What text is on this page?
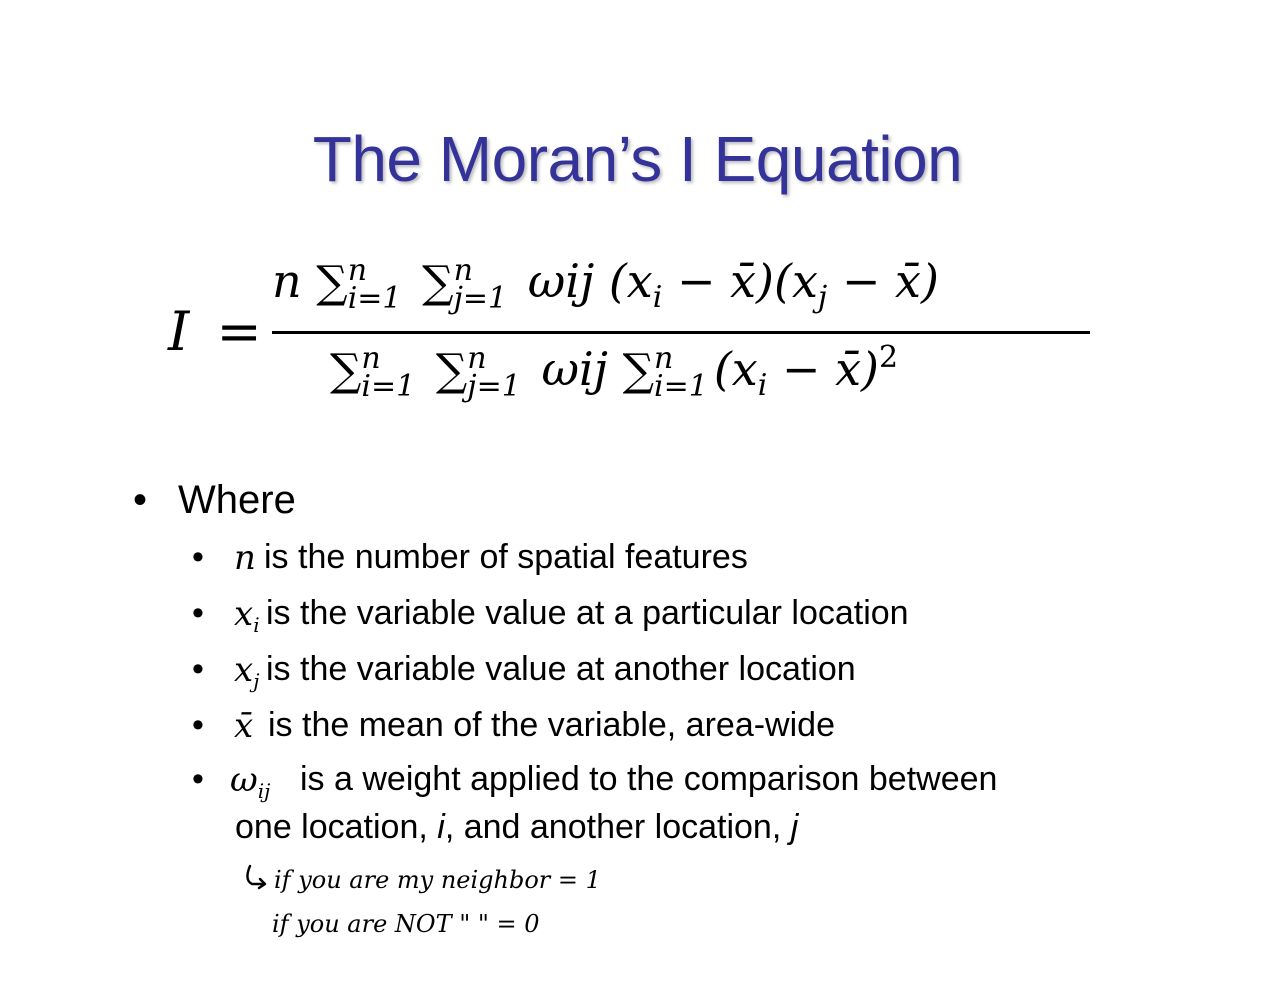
The Moran’s I Equation
I =
n ∑ n
i=1 ∑ n
j=1 ωij ($x_i$ − $x̄)(x_j$ − x̄)
∑ n
i=1 ∑ n
j=1 ωij ∑ n
i=1 ($x_i$ − x̄)$^2$
• Where
• n is the number of spatial features
• $x_i$ is the variable value at a particular location
• $x_j$ is the variable value at another location
• x̄ is the mean of the variable, area-wide
• $\omega_{ij}$ is a weight applied to the comparison between
one location, i, and another location, j
if you are my neighbor = 1
if you are NOT " " = 0
